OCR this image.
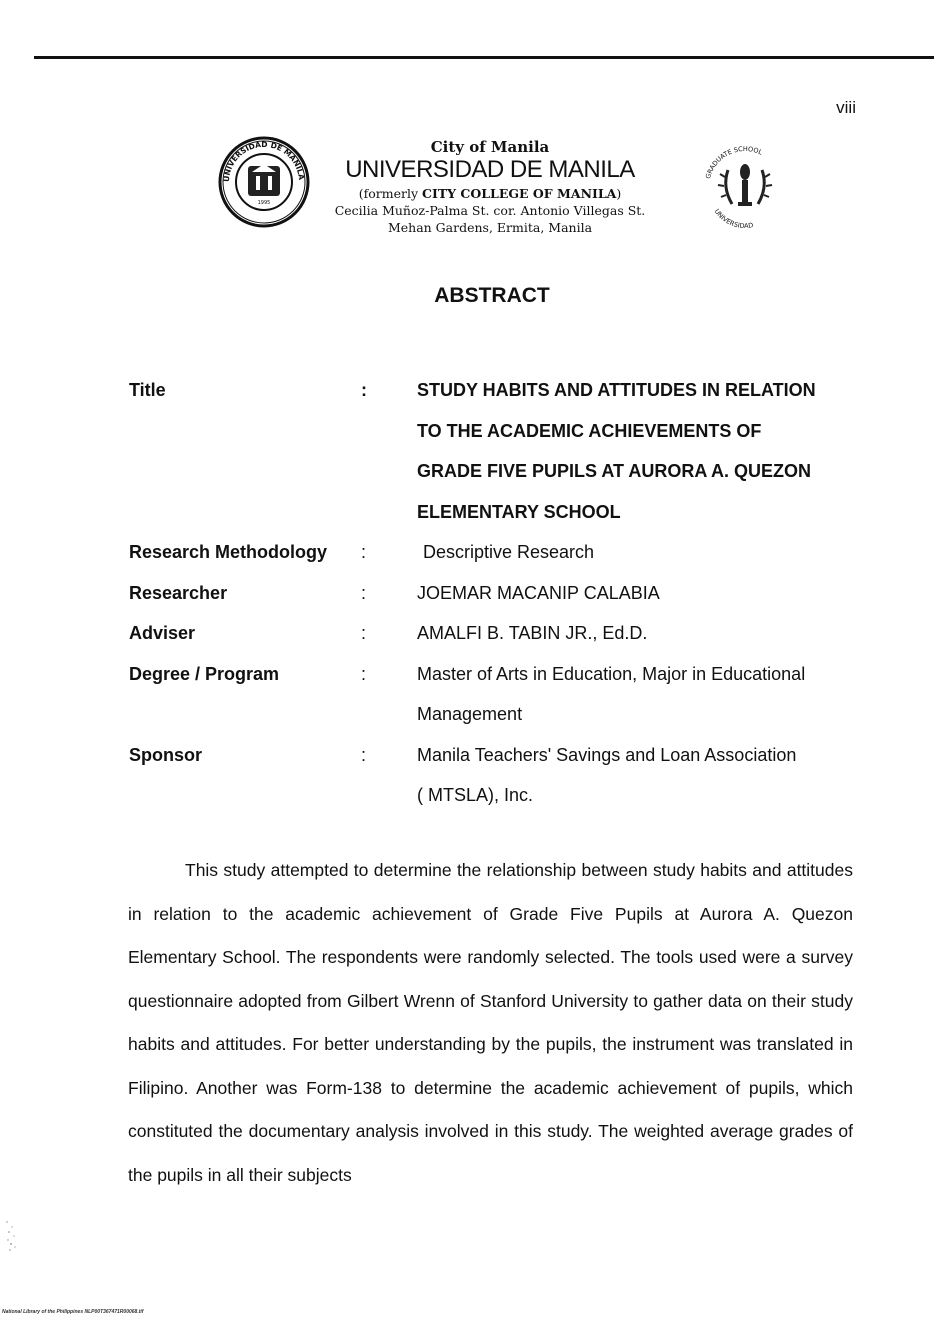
viii
UNIVERSIDAD DE MANILA
1995
City of Manila
UNIVERSIDAD DE MANILA
(formerly CITY COLLEGE OF MANILA)
Cecilia Muñoz-Palma St. cor. Antonio Villegas St.
Mehan Gardens, Ermita, Manila
GRADUATE SCHOOL
UNIVERSIDAD
ABSTRACT
Title	:	STUDY HABITS AND ATTITUDES IN RELATION
TO THE ACADEMIC ACHIEVEMENTS OF
GRADE FIVE PUPILS AT AURORA A. QUEZON
ELEMENTARY SCHOOL
Research Methodology	:	Descriptive Research
Researcher	:	JOEMAR MACANIP CALABIA
Adviser	:	AMALFI B. TABIN JR., Ed.D.
Degree / Program	:	Master of Arts in Education, Major in Educational
Management
Sponsor	:	Manila Teachers' Savings and Loan Association
( MTSLA), Inc.

This study attempted to determine the relationship between study habits and attitudes in relation to the academic achievement of Grade Five Pupils at Aurora A. Quezon Elementary School. The respondents were randomly selected. The tools used were a survey questionnaire adopted from Gilbert Wrenn of Stanford University to gather data on their study habits and attitudes. For better understanding by the pupils, the instrument was translated in Filipino. Another was Form-138 to determine the academic achievement of pupils, which constituted the documentary analysis involved in this study. The weighted average grades of the pupils in all their subjects

National Library of the Philippines NLP00T367471R00068.tif
